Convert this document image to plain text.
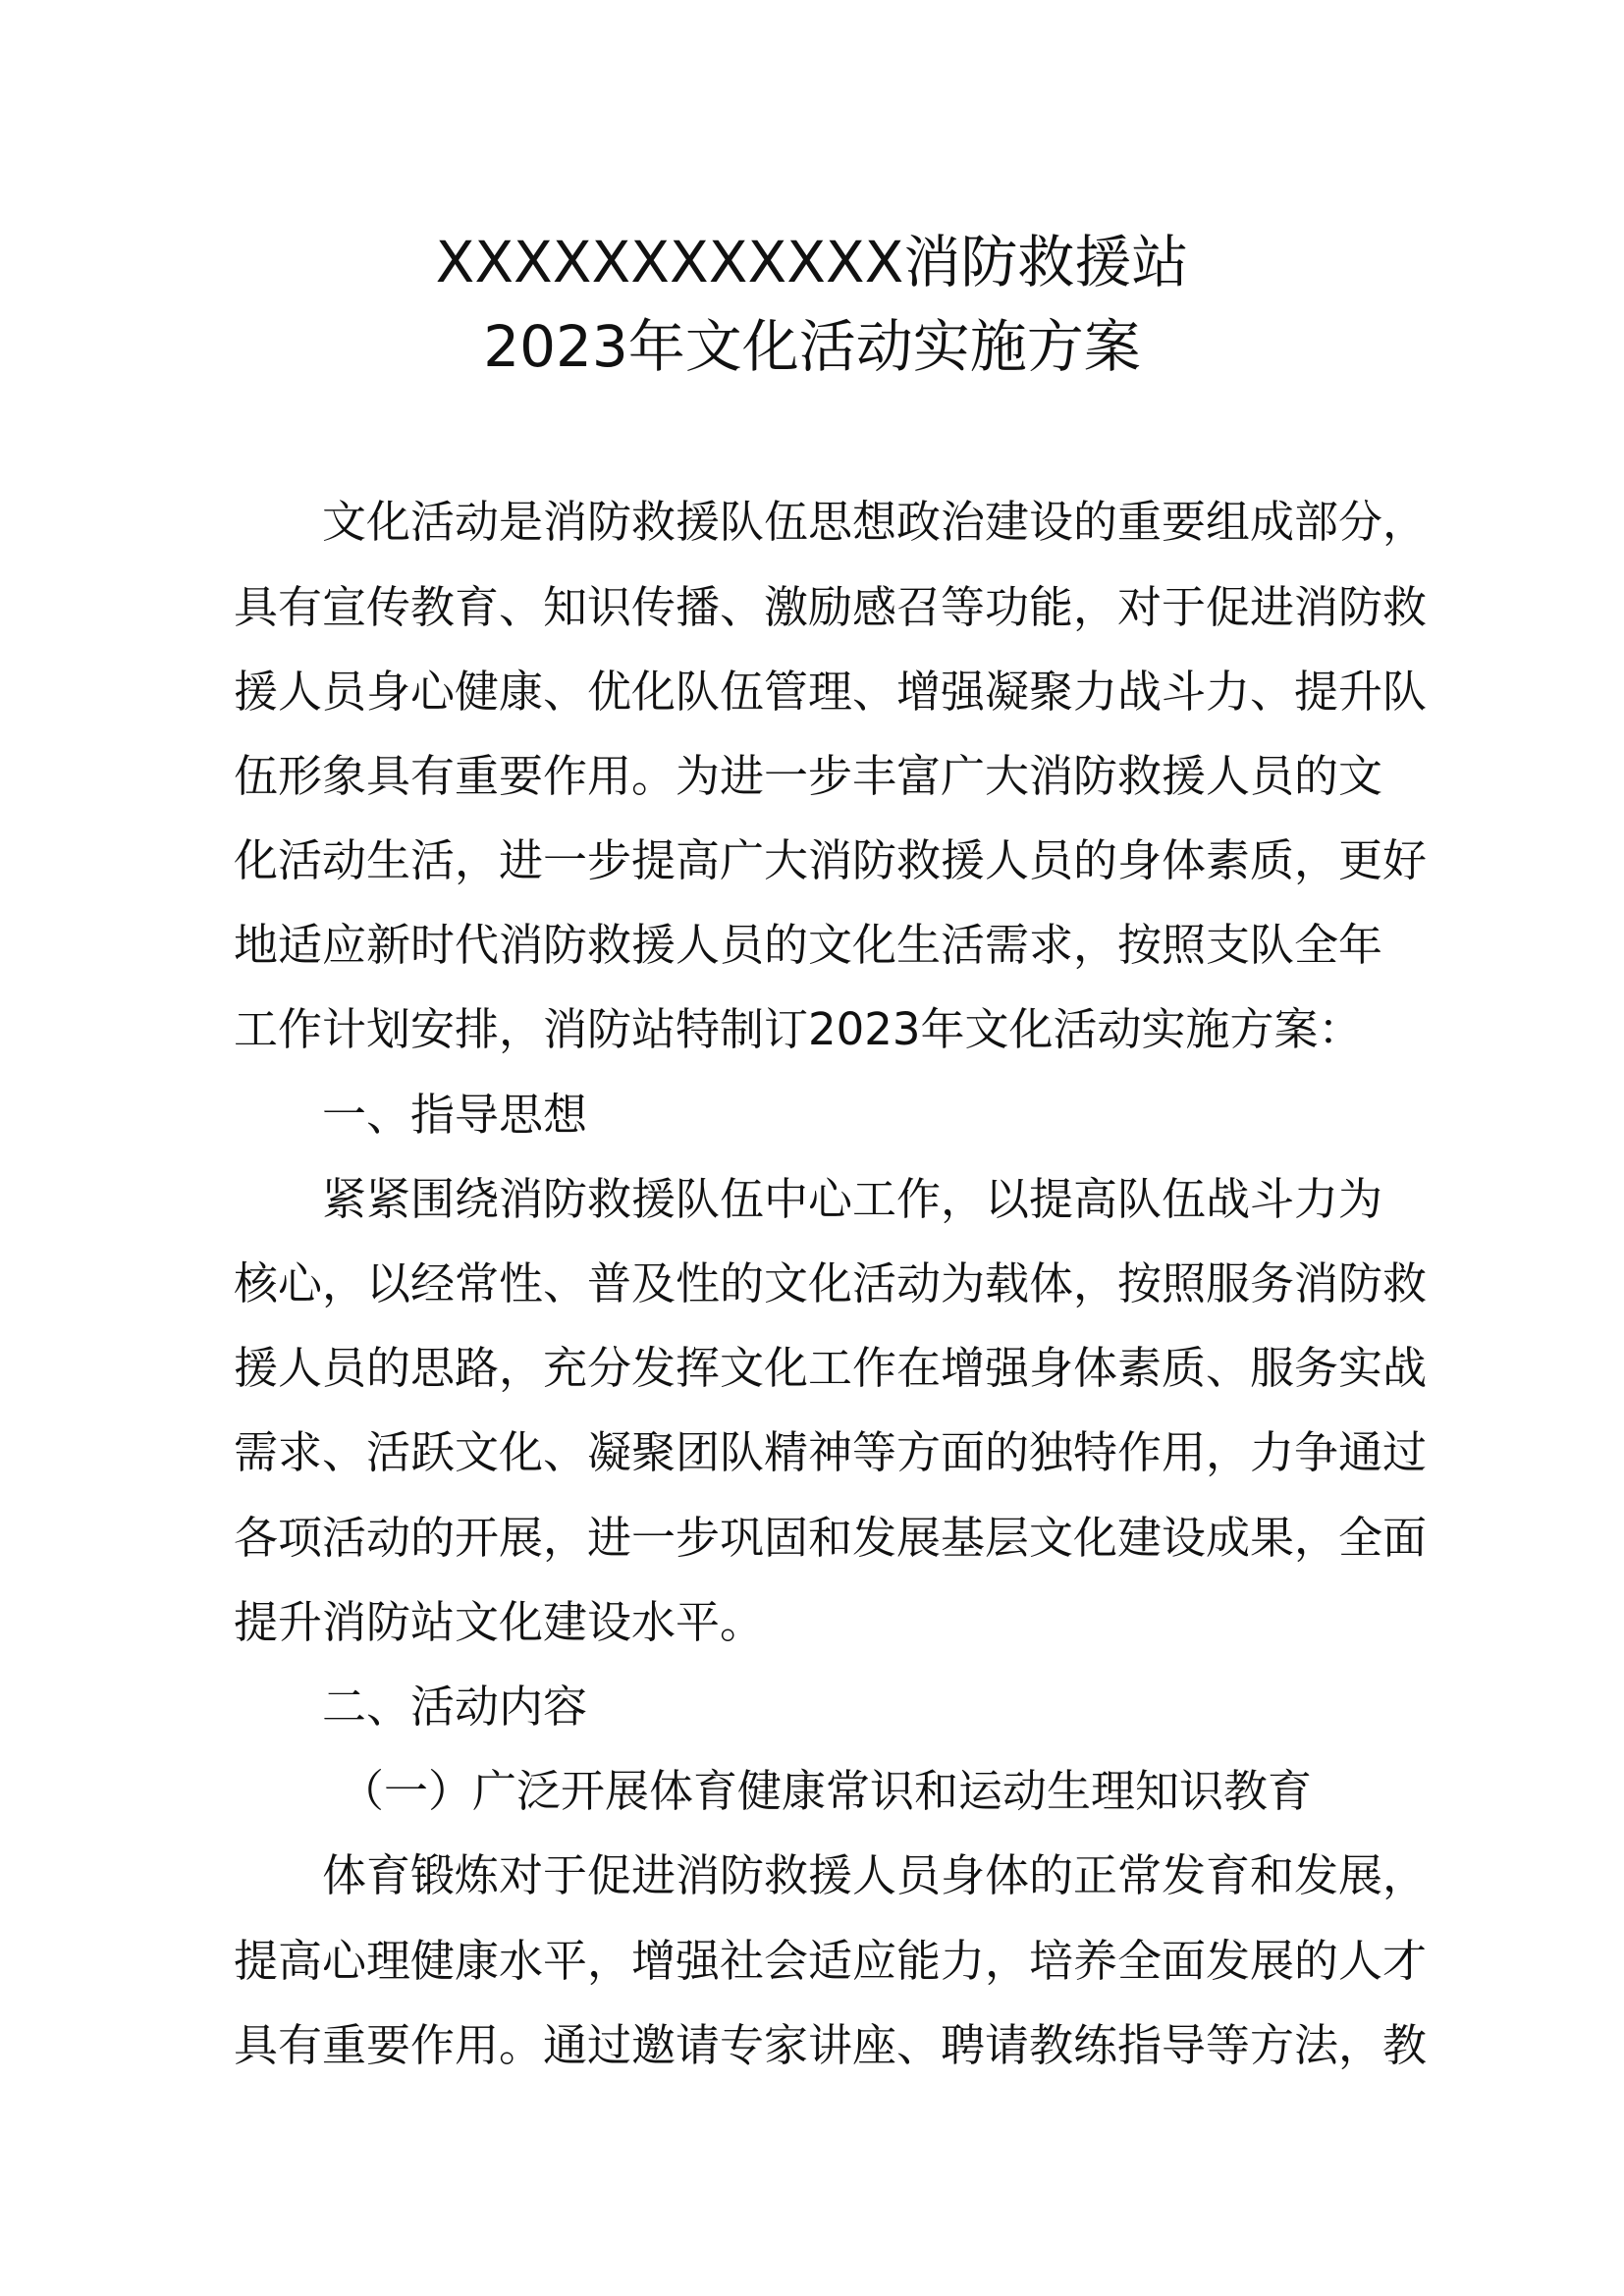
XXXXXXXXXXXX消防救援站
2023年文化活动实施方案

文化活动是消防救援队伍思想政治建设的重要组成部分，

具有宣传教育、知识传播、激励感召等功能，对于促进消防救

援人员身心健康、优化队伍管理、增强凝聚力战斗力、提升队

伍形象具有重要作用。为进一步丰富广大消防救援人员的文

化活动生活，进一步提高广大消防救援人员的身体素质，更好

地适应新时代消防救援人员的文化生活需求，按照支队全年

工作计划安排，消防站特制订2023年文化活动实施方案：

一、指导思想

紧紧围绕消防救援队伍中心工作，以提高队伍战斗力为

核心，以经常性、普及性的文化活动为载体，按照服务消防救

援人员的思路，充分发挥文化工作在增强身体素质、服务实战

需求、活跃文化、凝聚团队精神等方面的独特作用，力争通过

各项活动的开展，进一步巩固和发展基层文化建设成果，全面

提升消防站文化建设水平。

二、活动内容

（一）广泛开展体育健康常识和运动生理知识教育

体育锻炼对于促进消防救援人员身体的正常发育和发展，

提高心理健康水平，增强社会适应能力，培养全面发展的人才

具有重要作用。通过邀请专家讲座、聘请教练指导等方法，教
